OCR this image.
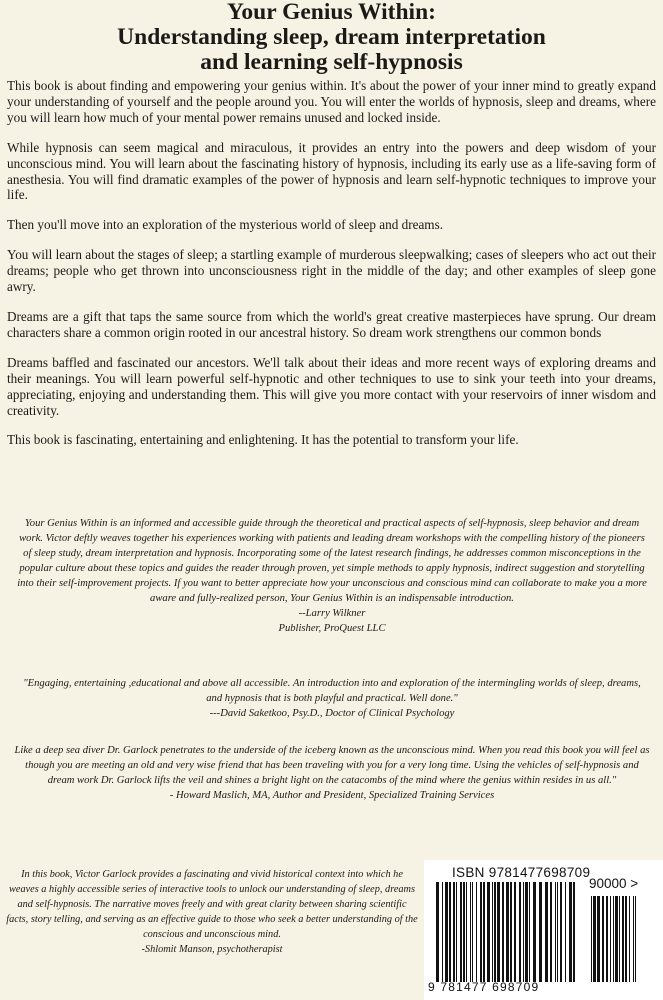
Your Genius Within:
Understanding sleep, dream interpretation
and learning self-hypnosis

This book is about finding and empowering your genius within. It's about the power of your inner mind to greatly expand your understanding of yourself and the people around you. You will enter the worlds of hypnosis, sleep and dreams, where you will learn how much of your mental power remains unused and locked inside.

While hypnosis can seem magical and miraculous, it provides an entry into the powers and deep wisdom of your unconscious mind. You will learn about the fascinating history of hypnosis, including its early use as a life-saving form of anesthesia. You will find dramatic examples of the power of hypnosis and learn self-hypnotic techniques to improve your life.

Then you'll move into an exploration of the mysterious world of sleep and dreams.

You will learn about the stages of sleep; a startling example of murderous sleepwalking; cases of sleepers who act out their dreams; people who get thrown into unconsciousness right in the middle of the day; and other examples of sleep gone awry.

Dreams are a gift that taps the same source from which the world's great creative masterpieces have sprung. Our dream characters share a common origin rooted in our ancestral history. So dream work strengthens our common bonds

Dreams baffled and fascinated our ancestors. We'll talk about their ideas and more recent ways of exploring dreams and their meanings. You will learn powerful self-hypnotic and other techniques to use to sink your teeth into your dreams, appreciating, enjoying and understanding them. This will give you more contact with your reservoirs of inner wisdom and creativity.

This book is fascinating, entertaining and enlightening. It has the potential to transform your life.

Your Genius Within is an informed and accessible guide through the theoretical and practical aspects of self-hypnosis, sleep behavior and dream work. Victor deftly weaves together his experiences working with patients and leading dream workshops with the compelling history of the pioneers of sleep study, dream interpretation and hypnosis. Incorporating some of the latest research findings, he addresses common misconceptions in the popular culture about these topics and guides the reader through proven, yet simple methods to apply hypnosis, indirect suggestion and storytelling into their self-improvement projects. If you want to better appreciate how your unconscious and conscious mind can collaborate to make you a more aware and fully-realized person, Your Genius Within is an indispensable introduction.

--Larry Wilkner
Publisher, ProQuest LLC

"Engaging, entertaining ,educational and above all accessible. An introduction into and exploration of the intermingling worlds of sleep, dreams, and hypnosis that is both playful and practical. Well done."

---David Saketkoo, Psy.D., Doctor of Clinical Psychology

Like a deep sea diver Dr. Garlock penetrates to the underside of the iceberg known as the unconscious mind. When you read this book you will feel as though you are meeting an old and very wise friend that has been traveling with you for a very long time. Using the vehicles of self-hypnosis and dream work Dr. Garlock lifts the veil and shines a bright light on the catacombs of the mind where the genius within resides in us all."

- Howard Maslich, MA, Author and President, Specialized Training Services

In this book, Victor Garlock provides a fascinating and vivid historical context into which he weaves a highly accessible series of interactive tools to unlock our understanding of sleep, dreams and self-hypnosis. The narrative moves freely and with great clarity between sharing scientific facts, story telling, and serving as an effective guide to those who seek a better understanding of the conscious and unconscious mind.

-Shlomit Manson, psychotherapist
ISBN 9781477698709
9 781477 698709
90000 >
